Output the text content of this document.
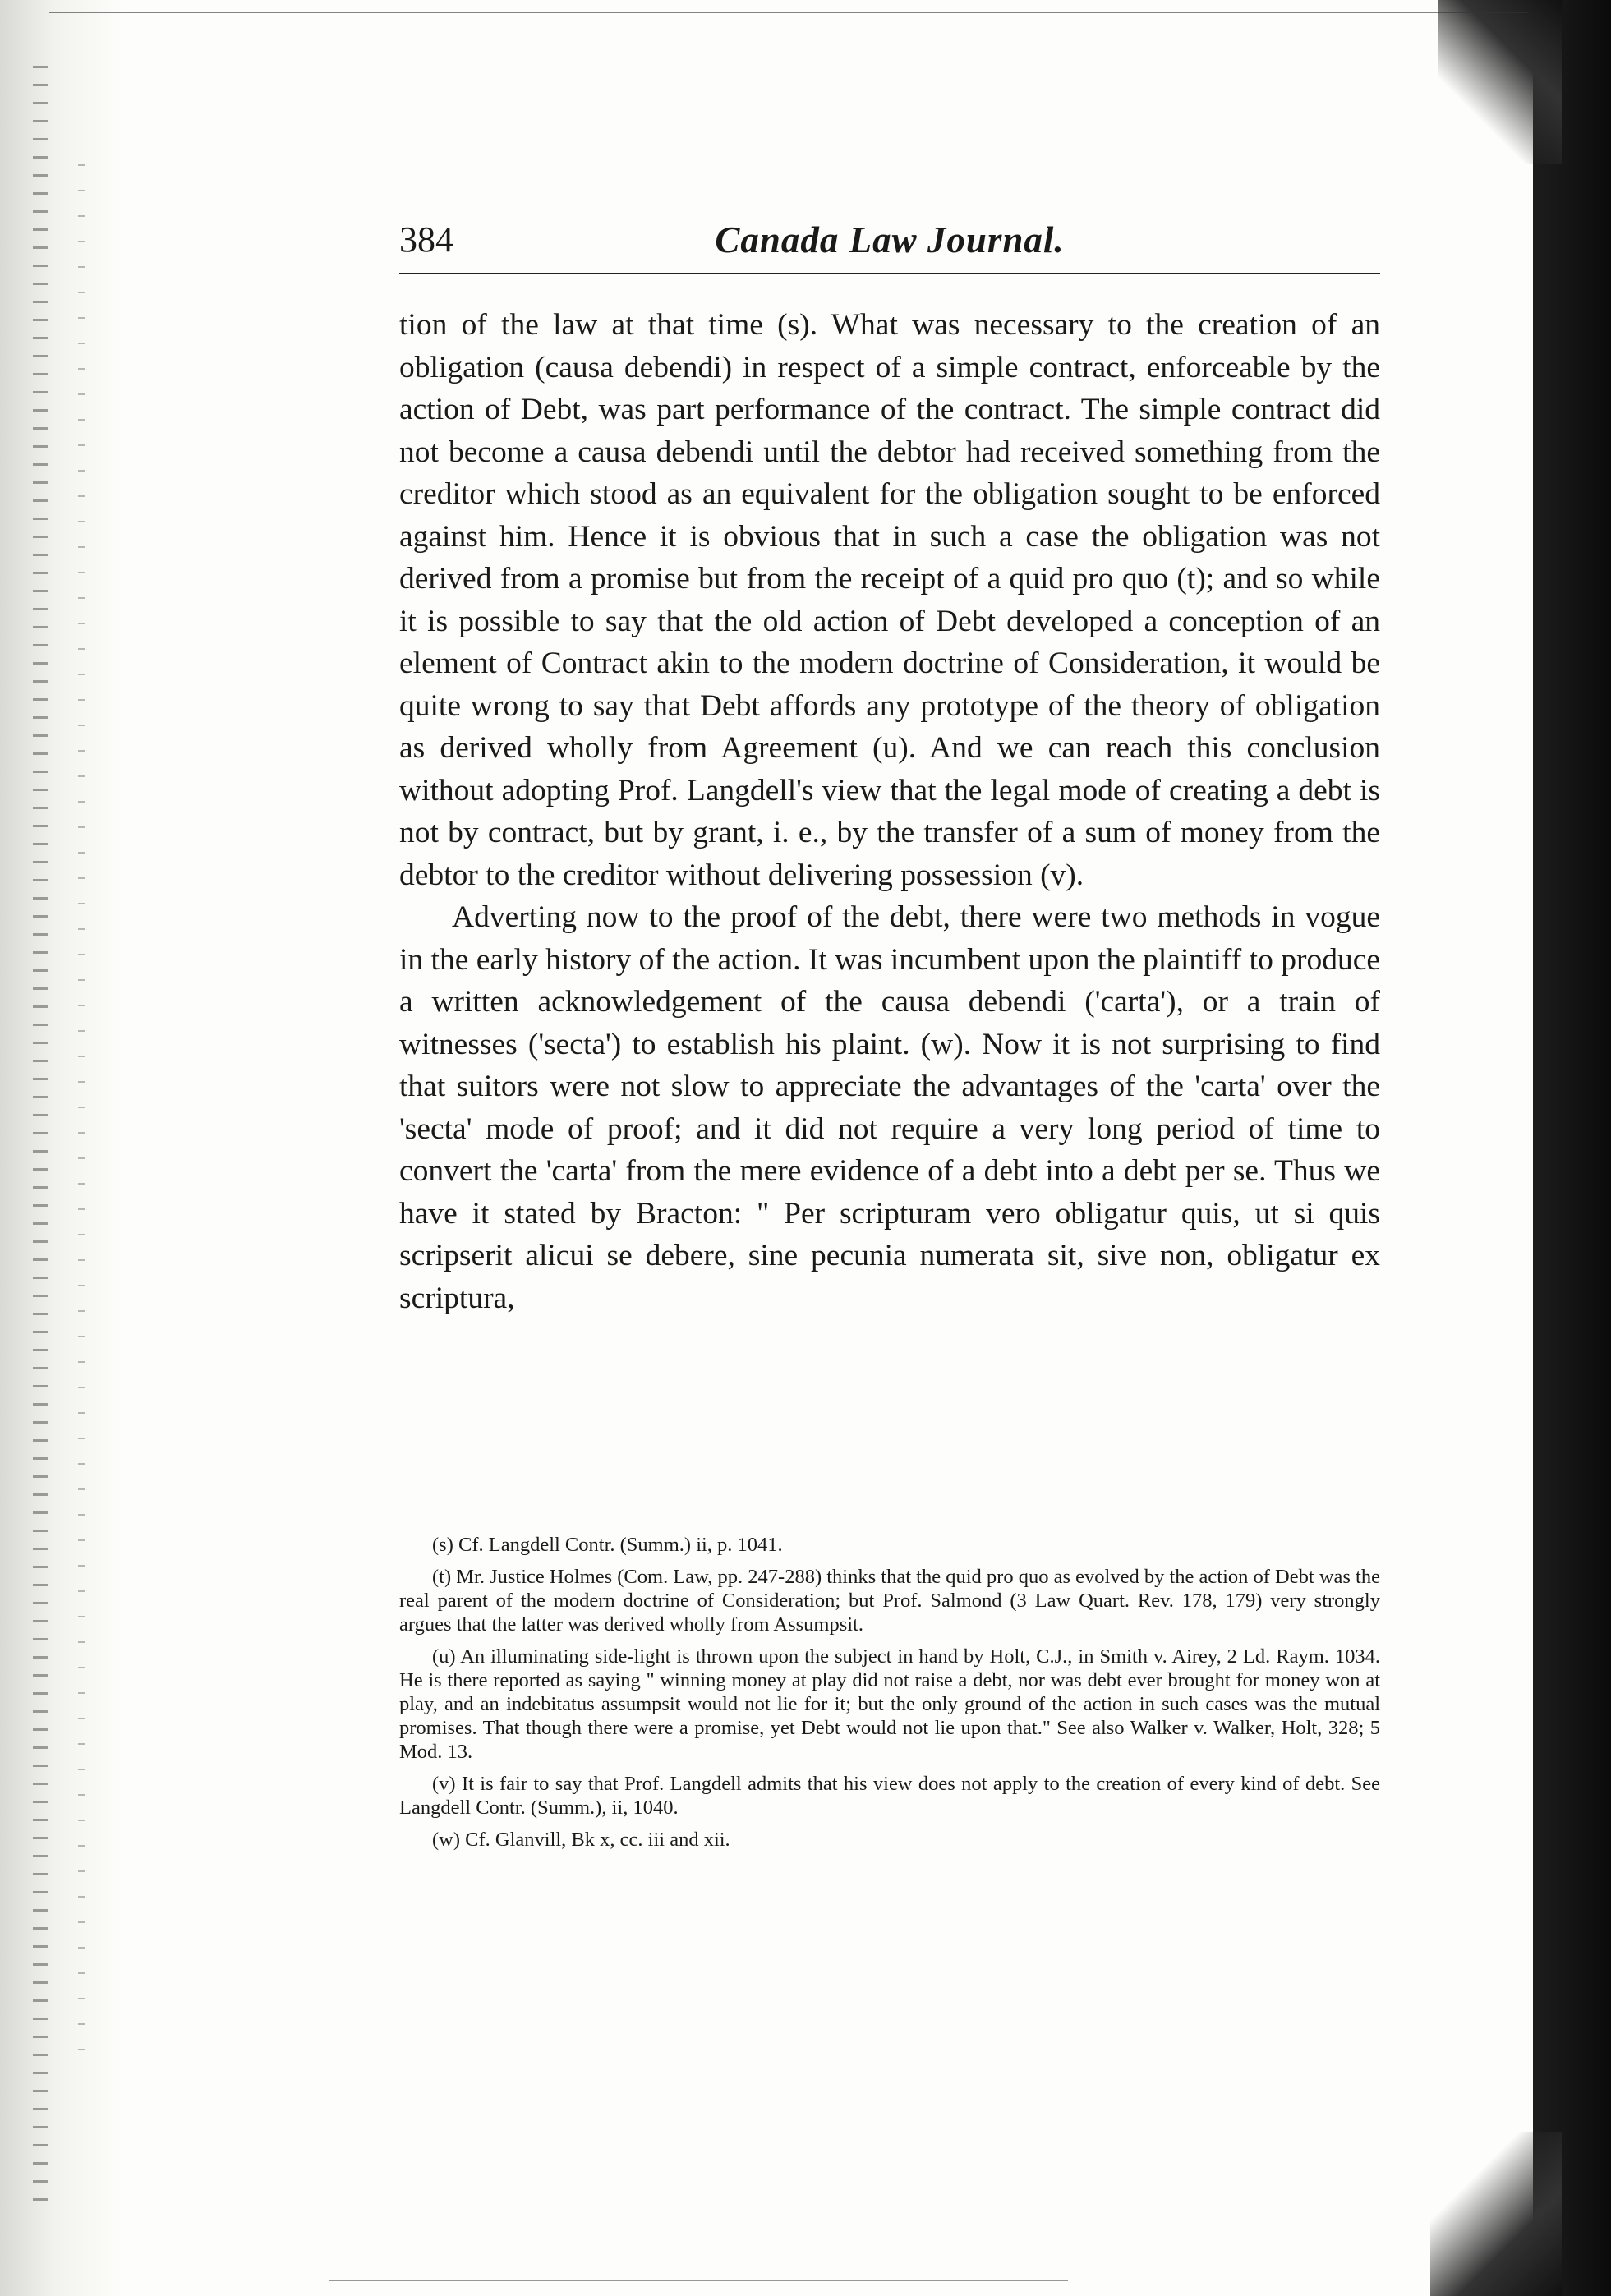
384	Canada Law Journal.

tion of the law at that time (s). What was necessary to the creation of an obligation (causa debendi) in respect of a simple contract, enforceable by the action of Debt, was part performance of the contract. The simple contract did not become a causa debendi until the debtor had received something from the creditor which stood as an equivalent for the obligation sought to be enforced against him. Hence it is obvious that in such a case the obligation was not derived from a promise but from the receipt of a quid pro quo (t); and so while it is possible to say that the old action of Debt developed a conception of an element of Contract akin to the modern doctrine of Consideration, it would be quite wrong to say that Debt affords any prototype of the theory of obligation as derived wholly from Agreement (u). And we can reach this conclusion without adopting Prof. Langdell's view that the legal mode of creating a debt is not by contract, but by grant, i. e., by the transfer of a sum of money from the debtor to the creditor without delivering possession (v).

Adverting now to the proof of the debt, there were two methods in vogue in the early history of the action. It was incumbent upon the plaintiff to produce a written acknowledgement of the causa debendi ('carta'), or a train of witnesses ('secta') to establish his plaint. (w). Now it is not surprising to find that suitors were not slow to appreciate the advantages of the 'carta' over the 'secta' mode of proof; and it did not require a very long period of time to convert the 'carta' from the mere evidence of a debt into a debt per se. Thus we have it stated by Bracton: " Per scripturam vero obligatur quis, ut si quis scripserit alicui se debere, sine pecunia numerata sit, sive non, obligatur ex scriptura,

(s) Cf. Langdell Contr. (Summ.) ii, p. 1041.

(t) Mr. Justice Holmes (Com. Law, pp. 247-288) thinks that the quid pro quo as evolved by the action of Debt was the real parent of the modern doctrine of Consideration; but Prof. Salmond (3 Law Quart. Rev. 178, 179) very strongly argues that the latter was derived wholly from Assumpsit.

(u) An illuminating side-light is thrown upon the subject in hand by Holt, C.J., in Smith v. Airey, 2 Ld. Raym. 1034. He is there reported as saying " winning money at play did not raise a debt, nor was debt ever brought for money won at play, and an indebitatus assumpsit would not lie for it; but the only ground of the action in such cases was the mutual promises. That though there were a promise, yet Debt would not lie upon that." See also Walker v. Walker, Holt, 328; 5 Mod. 13.

(v) It is fair to say that Prof. Langdell admits that his view does not apply to the creation of every kind of debt. See Langdell Contr. (Summ.), ii, 1040.

(w) Cf. Glanvill, Bk x, cc. iii and xii.
